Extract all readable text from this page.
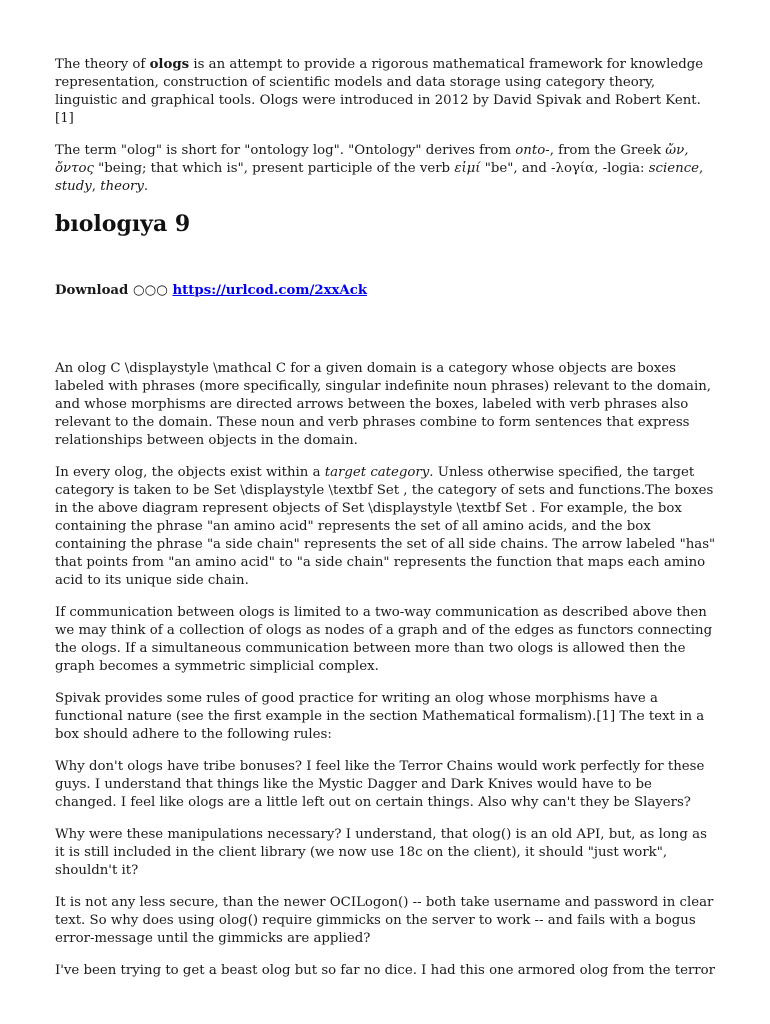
The theory of ologs is an attempt to provide a rigorous mathematical framework for knowledge representation, construction of scientific models and data storage using category theory, linguistic and graphical tools. Ologs were introduced in 2012 by David Spivak and Robert Kent.[1]

The term "olog" is short for "ontology log". "Ontology" derives from onto-, from the Greek ὤν, ὄντος "being; that which is", present participle of the verb εἰμί "be", and -λογία, -logia: science, study, theory.

bıologıya 9
Download ○○○ https://urlcod.com/2xxAck

An olog C \displaystyle \mathcal C for a given domain is a category whose objects are boxes labeled with phrases (more specifically, singular indefinite noun phrases) relevant to the domain, and whose morphisms are directed arrows between the boxes, labeled with verb phrases also relevant to the domain. These noun and verb phrases combine to form sentences that express relationships between objects in the domain.

In every olog, the objects exist within a target category. Unless otherwise specified, the target category is taken to be Set \displaystyle \textbf Set , the category of sets and functions.The boxes in the above diagram represent objects of Set \displaystyle \textbf Set . For example, the box containing the phrase "an amino acid" represents the set of all amino acids, and the box containing the phrase "a side chain" represents the set of all side chains. The arrow labeled "has" that points from "an amino acid" to "a side chain" represents the function that maps each amino acid to its unique side chain.

If communication between ologs is limited to a two-way communication as described above then we may think of a collection of ologs as nodes of a graph and of the edges as functors connecting the ologs. If a simultaneous communication between more than two ologs is allowed then the graph becomes a symmetric simplicial complex.

Spivak provides some rules of good practice for writing an olog whose morphisms have a functional nature (see the first example in the section Mathematical formalism).[1] The text in a box should adhere to the following rules:

Why don't ologs have tribe bonuses? I feel like the Terror Chains would work perfectly for these guys. I understand that things like the Mystic Dagger and Dark Knives would have to be changed. I feel like ologs are a little left out on certain things. Also why can't they be Slayers?

Why were these manipulations necessary? I understand, that olog() is an old API, but, as long as it is still included in the client library (we now use 18c on the client), it should "just work", shouldn't it?

It is not any less secure, than the newer OCILogon() -- both take username and password in clear text. So why does using olog() require gimmicks on the server to work -- and fails with a bogus error-message until the gimmicks are applied?

I've been trying to get a beast olog but so far no dice. I had this one armored olog from the terror
